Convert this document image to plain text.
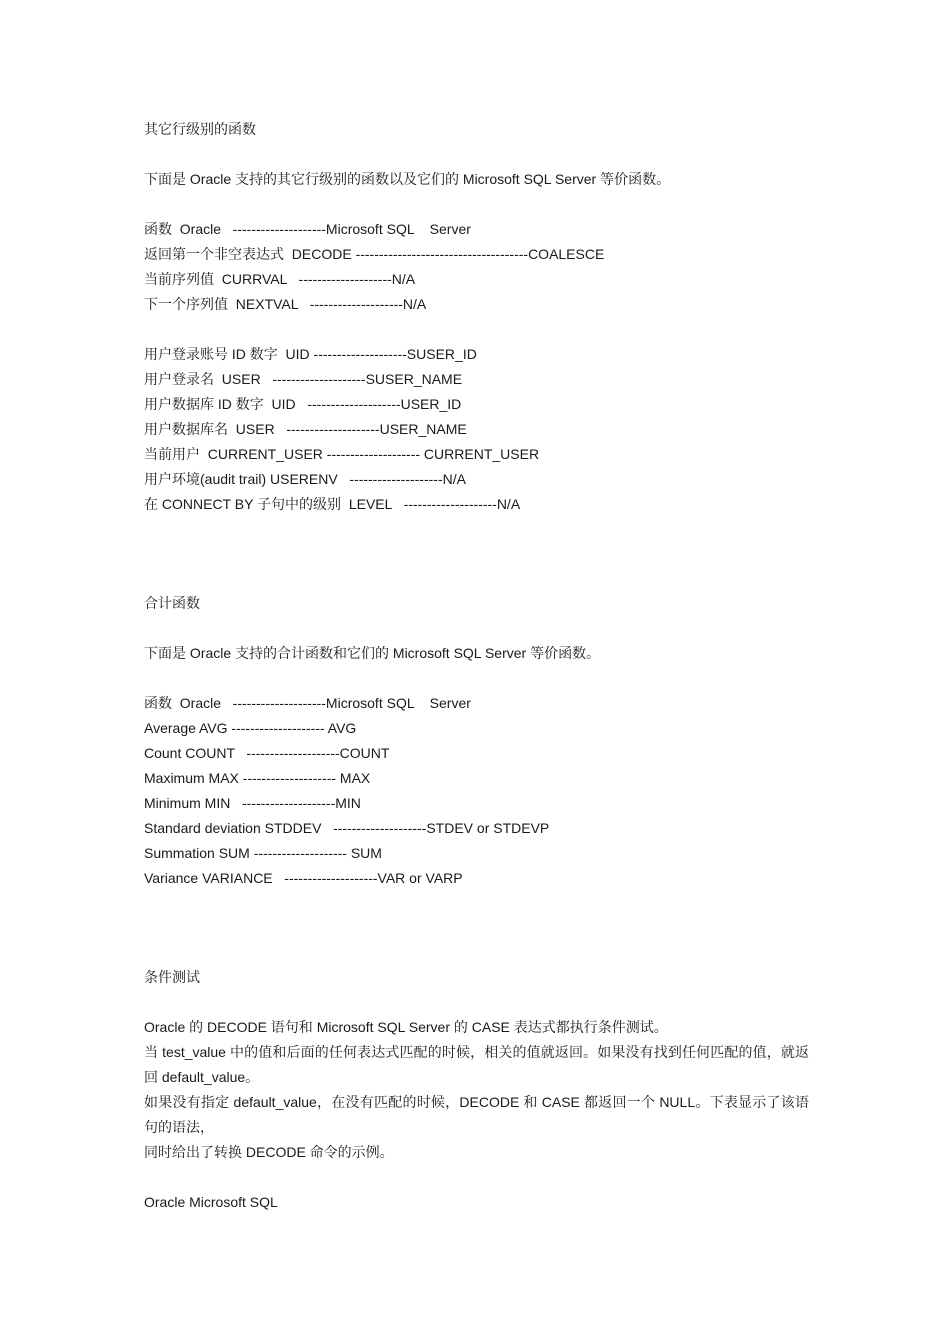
其它行级别的函数
下面是 Oracle 支持的其它行级别的函数以及它们的 Microsoft SQL Server 等价函数。
函数  Oracle   --------------------Microsoft SQL    Server
返回第一个非空表达式  DECODE -------------------------------------COALESCE
当前序列值  CURRVAL   --------------------N/A
下一个序列值  NEXTVAL   --------------------N/A
用户登录账号 ID 数字  UID --------------------SUSER_ID
用户登录名  USER   --------------------SUSER_NAME
用户数据库 ID 数字  UID   --------------------USER_ID
用户数据库名  USER   --------------------USER_NAME
当前用户  CURRENT_USER -------------------- CURRENT_USER
用户环境(audit trail) USERENV   --------------------N/A
在 CONNECT BY 子句中的级别  LEVEL   --------------------N/A
合计函数
下面是 Oracle 支持的合计函数和它们的 Microsoft SQL Server 等价函数。
函数  Oracle   --------------------Microsoft SQL    Server
Average AVG -------------------- AVG
Count COUNT   --------------------COUNT
Maximum MAX -------------------- MAX
Minimum MIN   --------------------MIN
Standard deviation STDDEV   --------------------STDEV or STDEVP
Summation SUM -------------------- SUM
Variance VARIANCE   --------------------VAR or VARP
条件测试
Oracle 的 DECODE 语句和 Microsoft SQL Server 的 CASE 表达式都执行条件测试。
当 test_value 中的值和后面的任何表达式匹配的时候，相关的值就返回。如果没有找到任何匹配的值，就返回 default_value。
如果没有指定 default_value，在没有匹配的时候，DECODE 和 CASE 都返回一个 NULL。下表显示了该语句的语法，
同时给出了转换 DECODE 命令的示例。
Oracle Microsoft SQL
